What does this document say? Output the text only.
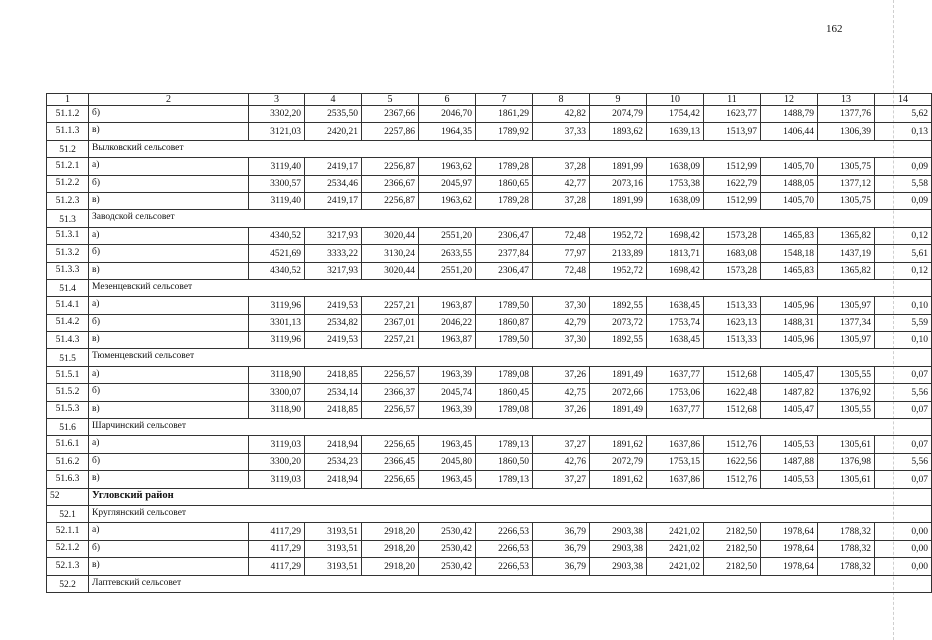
162
1	2	3	4	5	6	7	8	9	10	11	12	13	14
51.1.2	б)	3302,20	2535,50	2367,66	2046,70	1861,29	42,82	2074,79	1754,42	1623,77	1488,79	1377,76	5,62
51.1.3	в)	3121,03	2420,21	2257,86	1964,35	1789,92	37,33	1893,62	1639,13	1513,97	1406,44	1306,39	0,13
51.2	Вылковский сельсовет												
51.2.1	а)	3119,40	2419,17	2256,87	1963,62	1789,28	37,28	1891,99	1638,09	1512,99	1405,70	1305,75	0,09
51.2.2	б)	3300,57	2534,46	2366,67	2045,97	1860,65	42,77	2073,16	1753,38	1622,79	1488,05	1377,12	5,58
51.2.3	в)	3119,40	2419,17	2256,87	1963,62	1789,28	37,28	1891,99	1638,09	1512,99	1405,70	1305,75	0,09
51.3	Заводской сельсовет												
51.3.1	а)	4340,52	3217,93	3020,44	2551,20	2306,47	72,48	1952,72	1698,42	1573,28	1465,83	1365,82	0,12
51.3.2	б)	4521,69	3333,22	3130,24	2633,55	2377,84	77,97	2133,89	1813,71	1683,08	1548,18	1437,19	5,61
51.3.3	в)	4340,52	3217,93	3020,44	2551,20	2306,47	72,48	1952,72	1698,42	1573,28	1465,83	1365,82	0,12
51.4	Мезенцевский сельсовет												
51.4.1	а)	3119,96	2419,53	2257,21	1963,87	1789,50	37,30	1892,55	1638,45	1513,33	1405,96	1305,97	0,10
51.4.2	б)	3301,13	2534,82	2367,01	2046,22	1860,87	42,79	2073,72	1753,74	1623,13	1488,31	1377,34	5,59
51.4.3	в)	3119,96	2419,53	2257,21	1963,87	1789,50	37,30	1892,55	1638,45	1513,33	1405,96	1305,97	0,10
51.5	Тюменцевский сельсовет												
51.5.1	а)	3118,90	2418,85	2256,57	1963,39	1789,08	37,26	1891,49	1637,77	1512,68	1405,47	1305,55	0,07
51.5.2	б)	3300,07	2534,14	2366,37	2045,74	1860,45	42,75	2072,66	1753,06	1622,48	1487,82	1376,92	5,56
51.5.3	в)	3118,90	2418,85	2256,57	1963,39	1789,08	37,26	1891,49	1637,77	1512,68	1405,47	1305,55	0,07
51.6	Шарчинский сельсовет												
51.6.1	а)	3119,03	2418,94	2256,65	1963,45	1789,13	37,27	1891,62	1637,86	1512,76	1405,53	1305,61	0,07
51.6.2	б)	3300,20	2534,23	2366,45	2045,80	1860,50	42,76	2072,79	1753,15	1622,56	1487,88	1376,98	5,56
51.6.3	в)	3119,03	2418,94	2256,65	1963,45	1789,13	37,27	1891,62	1637,86	1512,76	1405,53	1305,61	0,07
52	Угловский район												
52.1	Круглянский сельсовет												
52.1.1	а)	4117,29	3193,51	2918,20	2530,42	2266,53	36,79	2903,38	2421,02	2182,50	1978,64	1788,32	0,00
52.1.2	б)	4117,29	3193,51	2918,20	2530,42	2266,53	36,79	2903,38	2421,02	2182,50	1978,64	1788,32	0,00
52.1.3	в)	4117,29	3193,51	2918,20	2530,42	2266,53	36,79	2903,38	2421,02	2182,50	1978,64	1788,32	0,00
52.2	Лаптевский сельсовет												
